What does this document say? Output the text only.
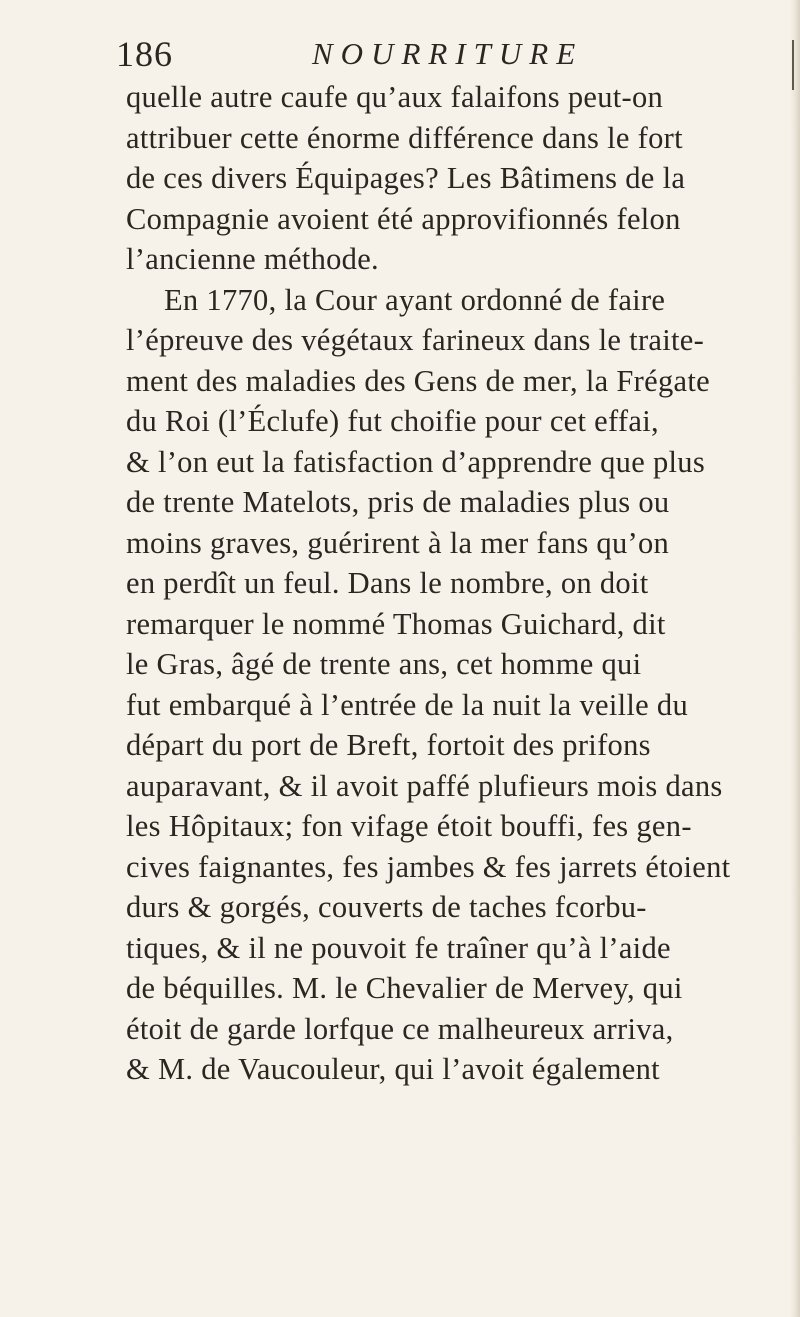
186	NOURRITURE
quelle autre caufe qu’aux falaifons peut-on
attribuer cette énorme différence dans le fort
de ces divers Équipages? Les Bâtimens de la
Compagnie avoient été approvifionnés felon
l’ancienne méthode.
En 1770, la Cour ayant ordonné de faire
l’épreuve des végétaux farineux dans le traite-
ment des maladies des Gens de mer, la Frégate
du Roi (l’Éclufe) fut choifie pour cet effai,
& l’on eut la fatisfaction d’apprendre que plus
de trente Matelots, pris de maladies plus ou
moins graves, guérirent à la mer fans qu’on
en perdît un feul. Dans le nombre, on doit
remarquer le nommé Thomas Guichard, dit
le Gras, âgé de trente ans, cet homme qui
fut embarqué à l’entrée de la nuit la veille du
départ du port de Breft, fortoit des prifons
auparavant, & il avoit paffé plufieurs mois dans
les Hôpitaux; fon vifage étoit bouffi, fes gen-
cives faignantes, fes jambes & fes jarrets étoient
durs & gorgés, couverts de taches fcorbu-
tiques, & il ne pouvoit fe traîner qu’à l’aide
de béquilles. M. le Chevalier de Mervey, qui
étoit de garde lorfque ce malheureux arriva,
& M. de Vaucouleur, qui l’avoit également
